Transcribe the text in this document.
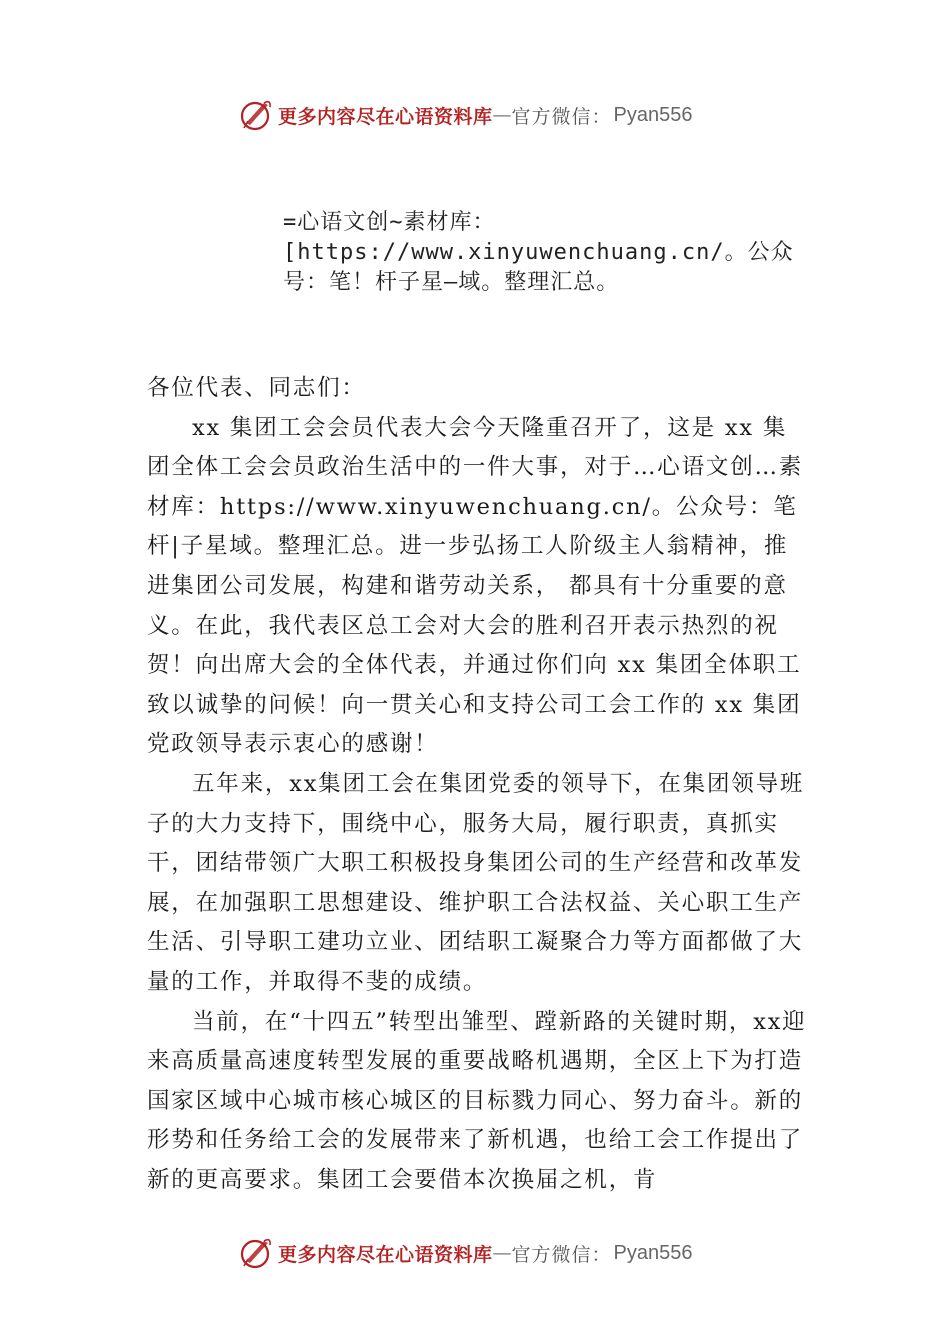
更多内容尽在心语资料库 — 官方微信： Pyan556
=心语文创~素材库：[https://www.xinyuwenchuang.cn/。公众号：笔！杆子星—域。整理汇总。

各位代表、同志们：

xx 集团工会会员代表大会今天隆重召开了，这是 xx 集团全体工会会员政治生活中的一件大事，对于…心语文创…素材库：https://www.xinyuwenchuang.cn/。公众号：笔杆|子星域。整理汇总。进一步弘扬工人阶级主人翁精神，推进集团公司发展，构建和谐劳动关系， 都具有十分重要的意义。在此，我代表区总工会对大会的胜利召开表示热烈的祝贺！向出席大会的全体代表，并通过你们向 xx 集团全体职工致以诚挚的问候！向一贯关心和支持公司工会工作的 xx 集团党政领导表示衷心的感谢！

五年来，xx集团工会在集团党委的领导下，在集团领导班子的大力支持下，围绕中心，服务大局，履行职责，真抓实干，团结带领广大职工积极投身集团公司的生产经营和改革发展，在加强职工思想建设、维护职工合法权益、关心职工生产生活、引导职工建功立业、团结职工凝聚合力等方面都做了大量的工作，并取得不斐的成绩。

当前，在“十四五”转型出雏型、蹚新路的关键时期，xx迎来高质量高速度转型发展的重要战略机遇期，全区上下为打造国家区域中心城市核心城区的目标戮力同心、努力奋斗。新的形势和任务给工会的发展带来了新机遇，也给工会工作提出了新的更高要求。集团工会要借本次换届之机，肯

更多内容尽在心语资料库 — 官方微信： Pyan556
